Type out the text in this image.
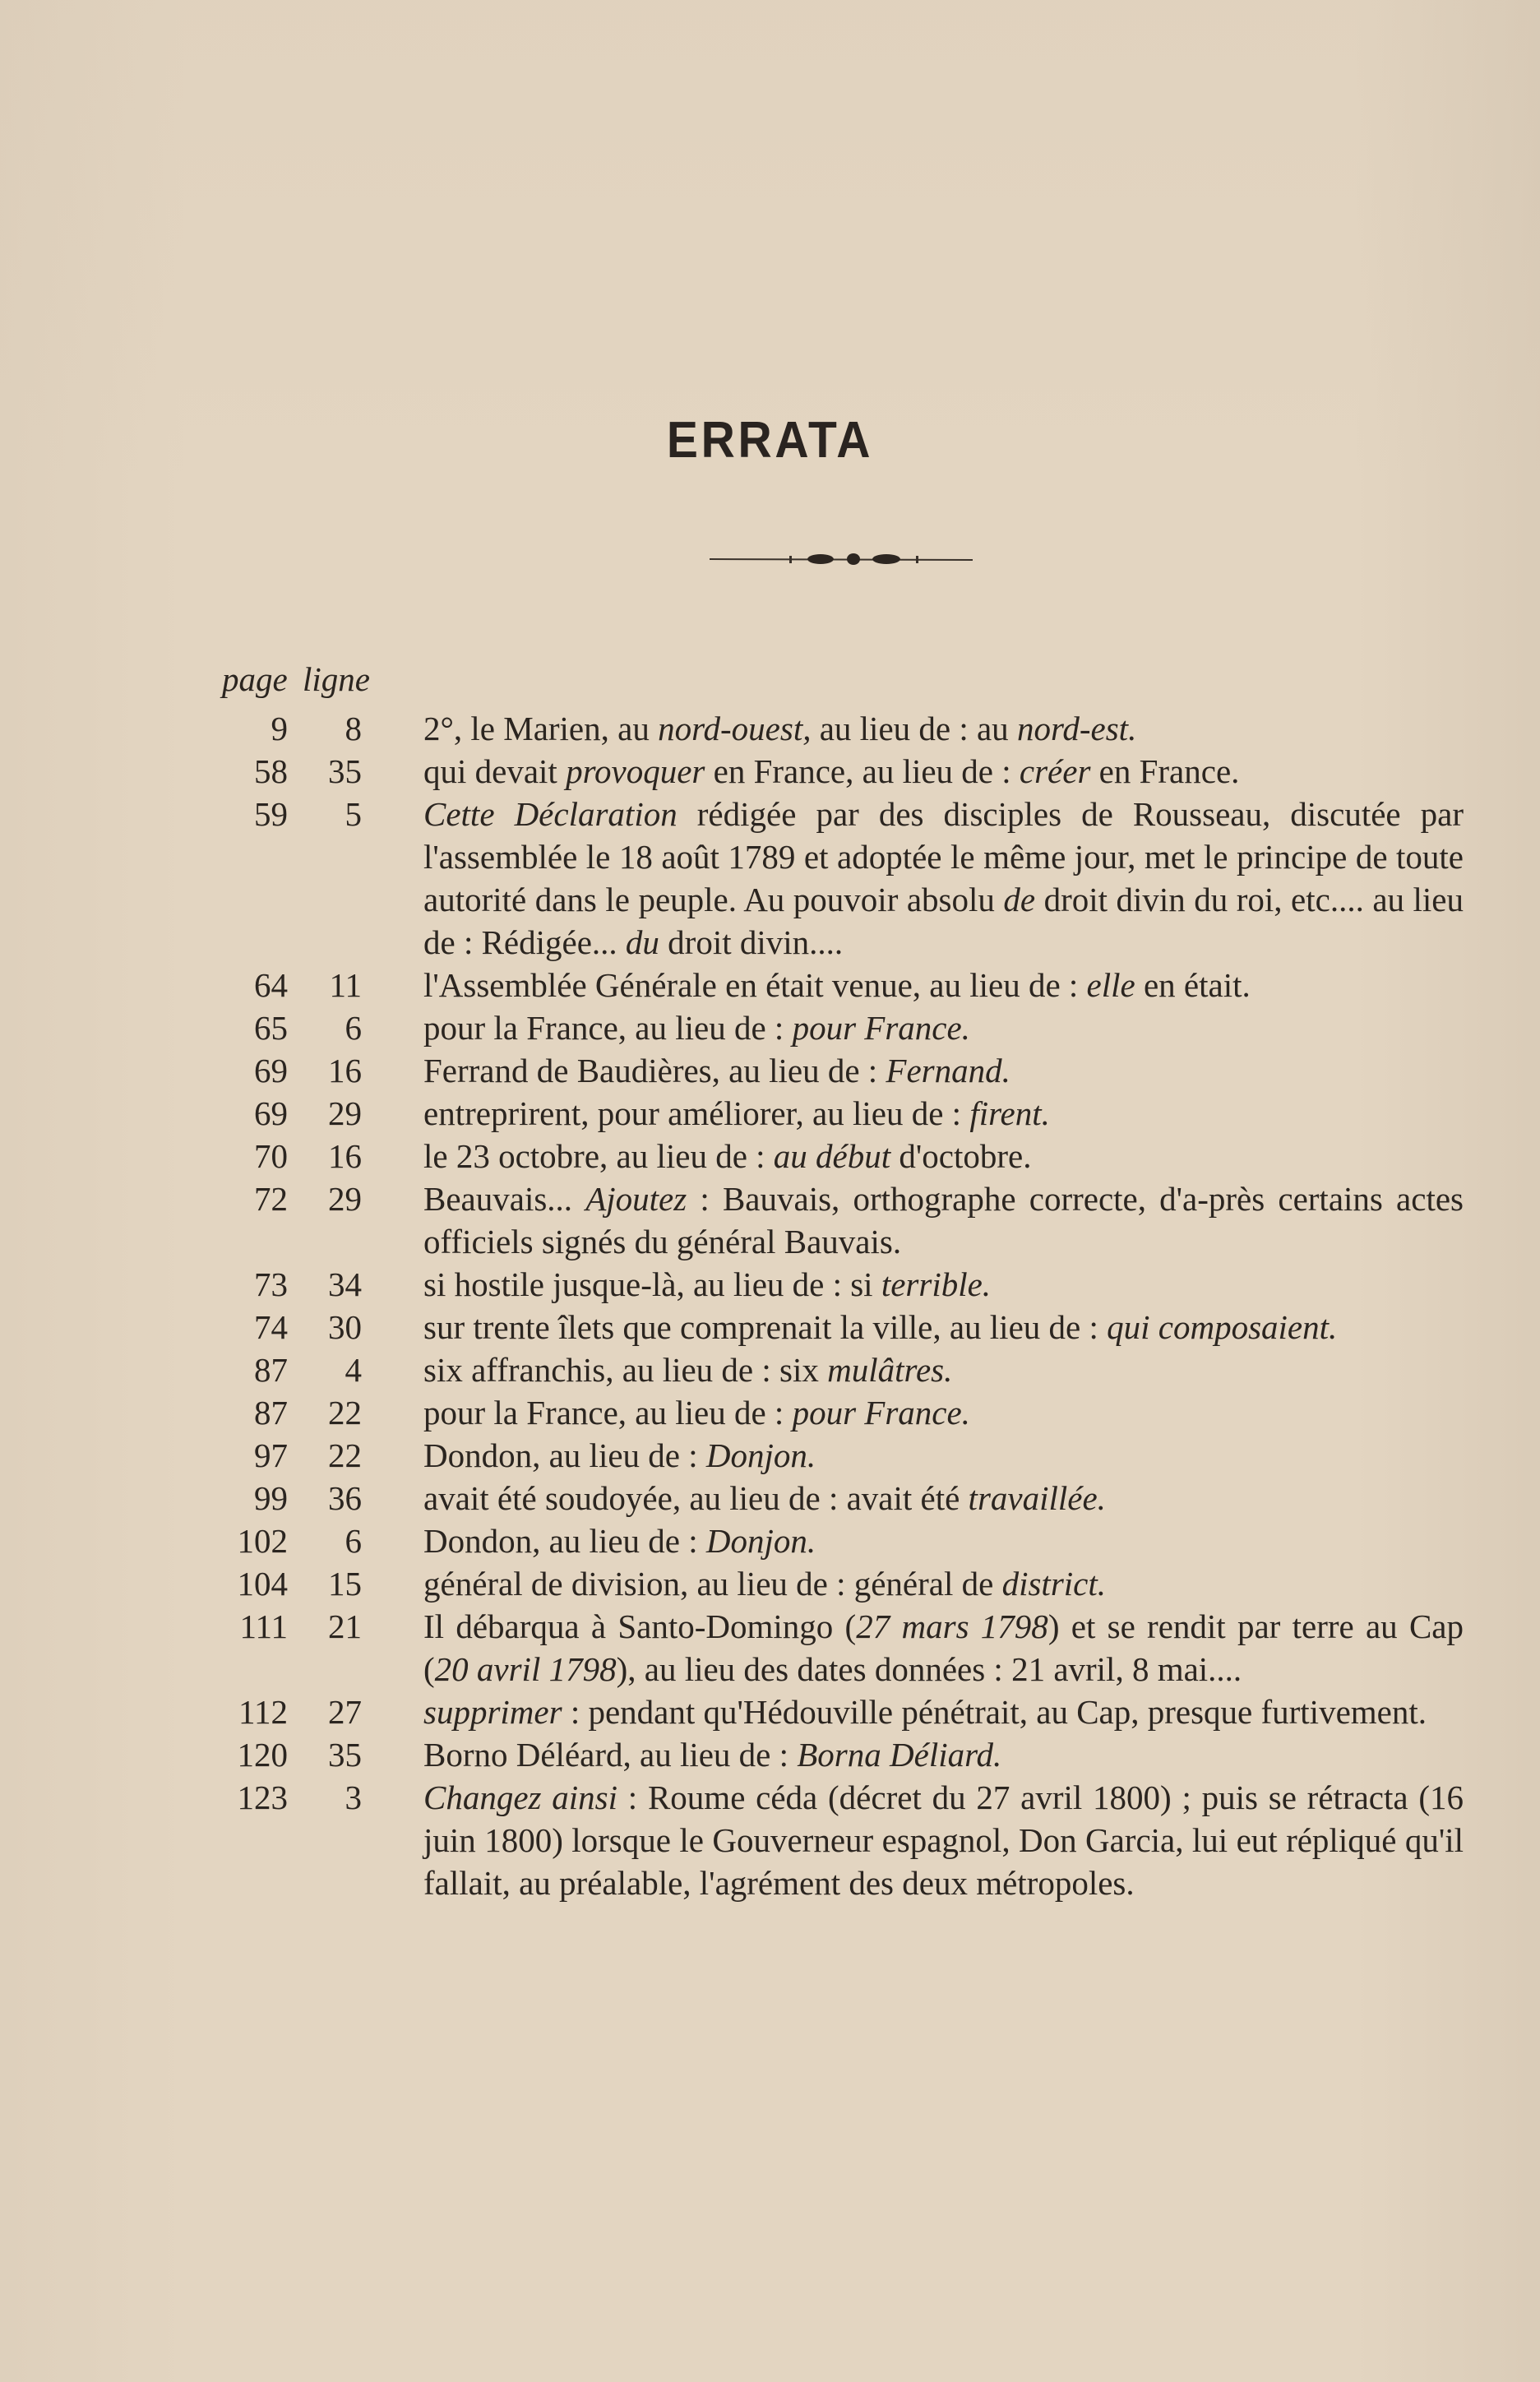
ERRATA
page ligne
9	8 2°, le Marien, au nord-ouest, au lieu de : au nord-est.
58	35 qui devait provoquer en France, au lieu de : créer en France.
59	5 Cette Déclaration rédigée par des disciples de Rousseau, discutée par l'assemblée le 18 août 1789 et adoptée le même jour, met le principe de toute autorité dans le peuple. Au pouvoir absolu de droit divin du roi, etc.... au lieu de : Rédigée... du droit divin....
64	11 l'Assemblée Générale en était venue, au lieu de : elle en était.
65	6 pour la France, au lieu de : pour France.
69	16 Ferrand de Baudières, au lieu de : Fernand.
69	29 entreprirent, pour améliorer, au lieu de : firent.
70	16 le 23 octobre, au lieu de : au début d'octobre.
72	29 Beauvais... Ajoutez : Bauvais, orthographe correcte, d'a-près certains actes officiels signés du général Bauvais.
73	34 si hostile jusque-là, au lieu de : si terrible.
74	30 sur trente îlets que comprenait la ville, au lieu de : qui composaient.
87	4 six affranchis, au lieu de : six mulâtres.
87	22 pour la France, au lieu de : pour France.
97	22 Dondon, au lieu de : Donjon.
99	36 avait été soudoyée, au lieu de : avait été travaillée.
102	6 Dondon, au lieu de : Donjon.
104	15 général de division, au lieu de : général de district.
111	21 Il débarqua à Santo-Domingo (27 mars 1798) et se rendit par terre au Cap (20 avril 1798), au lieu des dates données : 21 avril, 8 mai....
112	27 supprimer : pendant qu'Hédouville pénétrait, au Cap, presque furtivement.
120	35 Borno Déléard, au lieu de : Borna Déliard.
123	3 Changez ainsi : Roume céda (décret du 27 avril 1800) ; puis se rétracta (16 juin 1800) lorsque le Gouverneur espagnol, Don Garcia, lui eut répliqué qu'il fallait, au préalable, l'agrément des deux métropoles.
